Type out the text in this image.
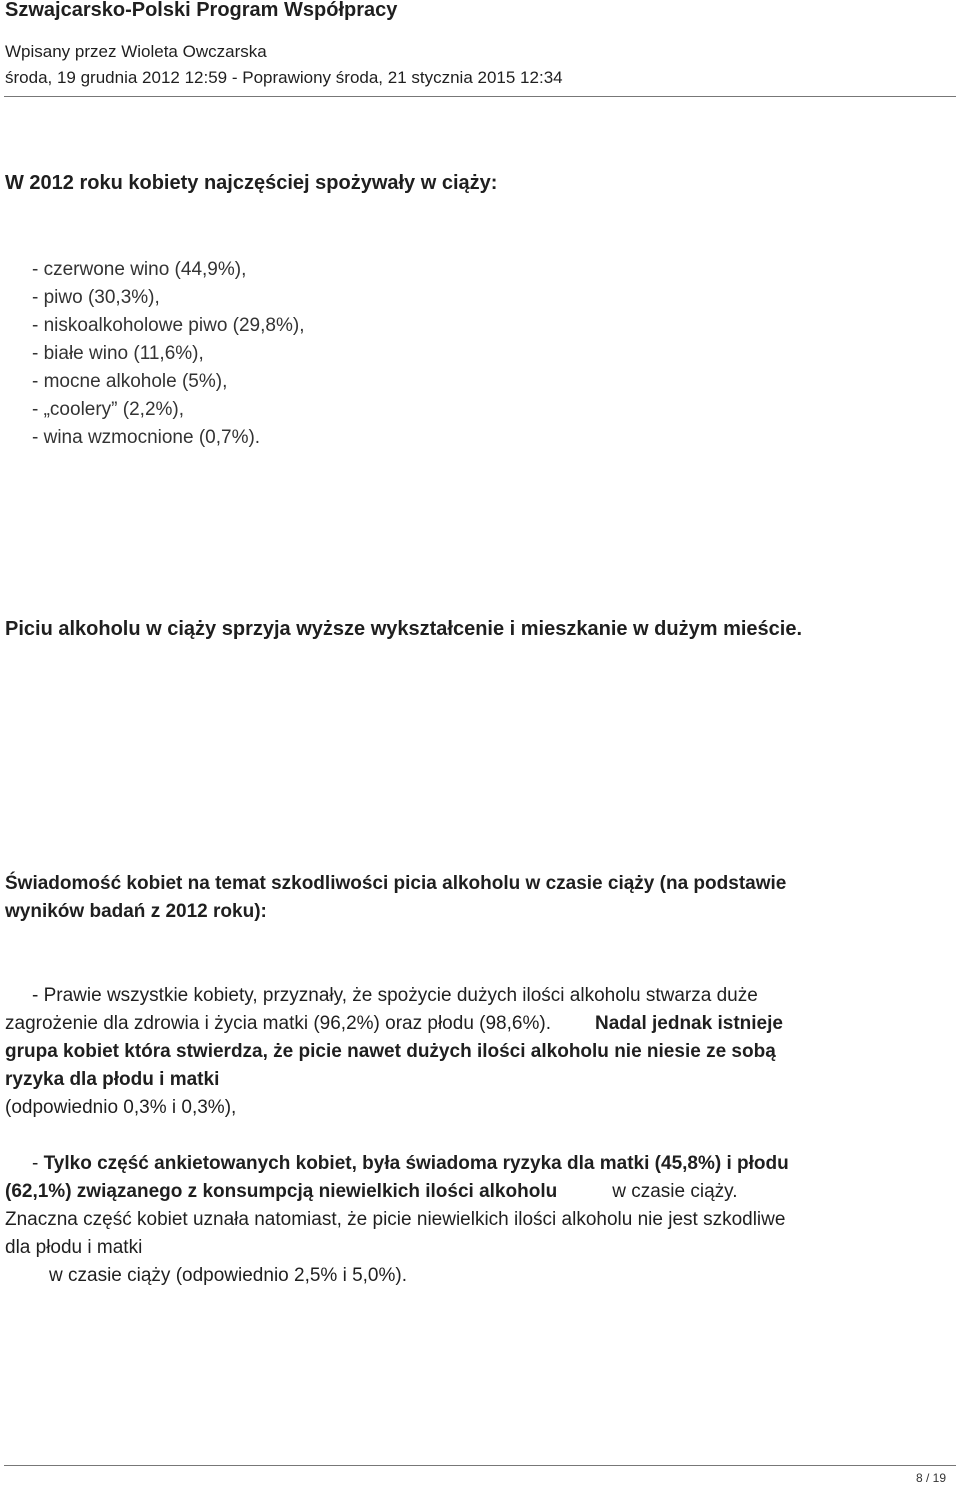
Szwajcarsko-Polski Program Współpracy
Wpisany przez Wioleta Owczarska
środa, 19 grudnia 2012 12:59 - Poprawiony środa, 21 stycznia 2015 12:34
W 2012 roku kobiety najczęściej spożywały w ciąży:
- czerwone wino (44,9%),
- piwo (30,3%),
- niskoalkoholowe piwo (29,8%),
- białe wino (11,6%),
- mocne alkohole (5%),
- „coolery” (2,2%),
- wina wzmocnione (0,7%).
Piciu alkoholu w ciąży sprzyja wyższe wykształcenie i mieszkanie w dużym mieście.
Świadomość kobiet na temat szkodliwości picia alkoholu w czasie ciąży (na podstawie
wyników badań z 2012 roku):
- Prawie wszystkie kobiety, przyznały, że spożycie dużych ilości alkoholu stwarza duże
zagrożenie dla zdrowia i życia matki (96,2%) oraz płodu (98,6%). Nadal jednak istnieje
grupa kobiet która stwierdza, że picie nawet dużych ilości alkoholu nie niesie ze sobą
ryzyka dla płodu i matki
(odpowiednio 0,3% i 0,3%),
- Tylko część ankietowanych kobiet, była świadoma ryzyka dla matki (45,8%) i płodu
(62,1%) związanego z konsumpcją niewielkich ilości alkoholu	w czasie ciąży.
Znaczna część kobiet uznała natomiast, że picie niewielkich ilości alkoholu nie jest szkodliwe
dla płodu i matki
w czasie ciąży (odpowiednio 2,5% i 5,0%).
8 / 19
